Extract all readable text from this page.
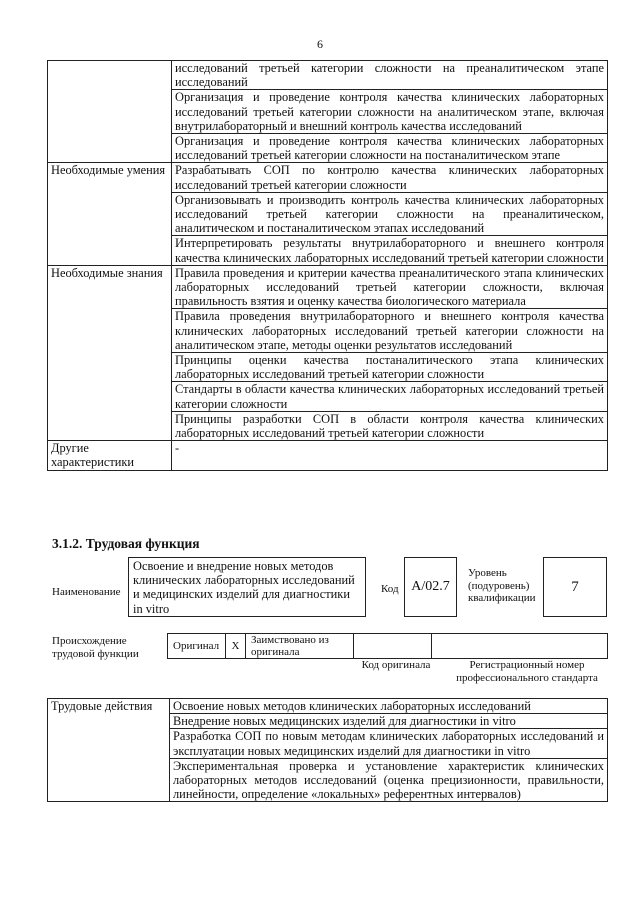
6
	исследований третьей категории сложности на преаналитическом этапе исследований
	Организация и проведение контроля качества клинических лабораторных исследований третьей категории сложности на аналитическом этапе, включая внутрилабораторный и внешний контроль качества исследований
	Организация и проведение контроля качества клинических лабораторных исследований третьей категории сложности на постаналитическом этапе
Необходимые умения	Разрабатывать СОП по контролю качества клинических лабораторных исследований третьей категории сложности
	Организовывать и производить контроль качества клинических лабораторных исследований третьей категории сложности на преаналитическом, аналитическом и постаналитическом этапах исследований
	Интерпретировать результаты внутрилабораторного и внешнего контроля качества клинических лабораторных исследований третьей категории сложности
Необходимые знания	Правила проведения и критерии качества преаналитического этапа клинических лабораторных исследований третьей категории сложности, включая правильность взятия и оценку качества биологического материала
	Правила проведения внутрилабораторного и внешнего контроля качества клинических лабораторных исследований третьей категории сложности на аналитическом этапе, методы оценки результатов исследований
	Принципы оценки качества постаналитического этапа клинических лабораторных исследований третьей категории сложности
	Стандарты в области качества клинических лабораторных исследований третьей категории сложности
	Принципы разработки СОП в области контроля качества клинических лабораторных исследований третьей категории сложности
Другие характеристики	-
3.1.2. Трудовая функция
Наименование
Освоение и внедрение новых методов клинических лабораторных исследований и медицинских изделий для диагностики in vitro
Код А/02.7
Уровень (подуровень) квалификации
7
Происхождение трудовой функции
Оригинал	X	Заимствовано из оригинала		
Код оригинала	Регистрационный номер профессионального стандарта
Трудовые действия	Освоение новых методов клинических лабораторных исследований
Внедрение новых медицинских изделий для диагностики in vitro
Разработка СОП по новым методам клинических лабораторных исследований и эксплуатации новых медицинских изделий для диагностики in vitro
Экспериментальная проверка и установление характеристик клинических лабораторных методов исследований (оценка прецизионности, правильности, линейности, определение «локальных» референтных интервалов)
